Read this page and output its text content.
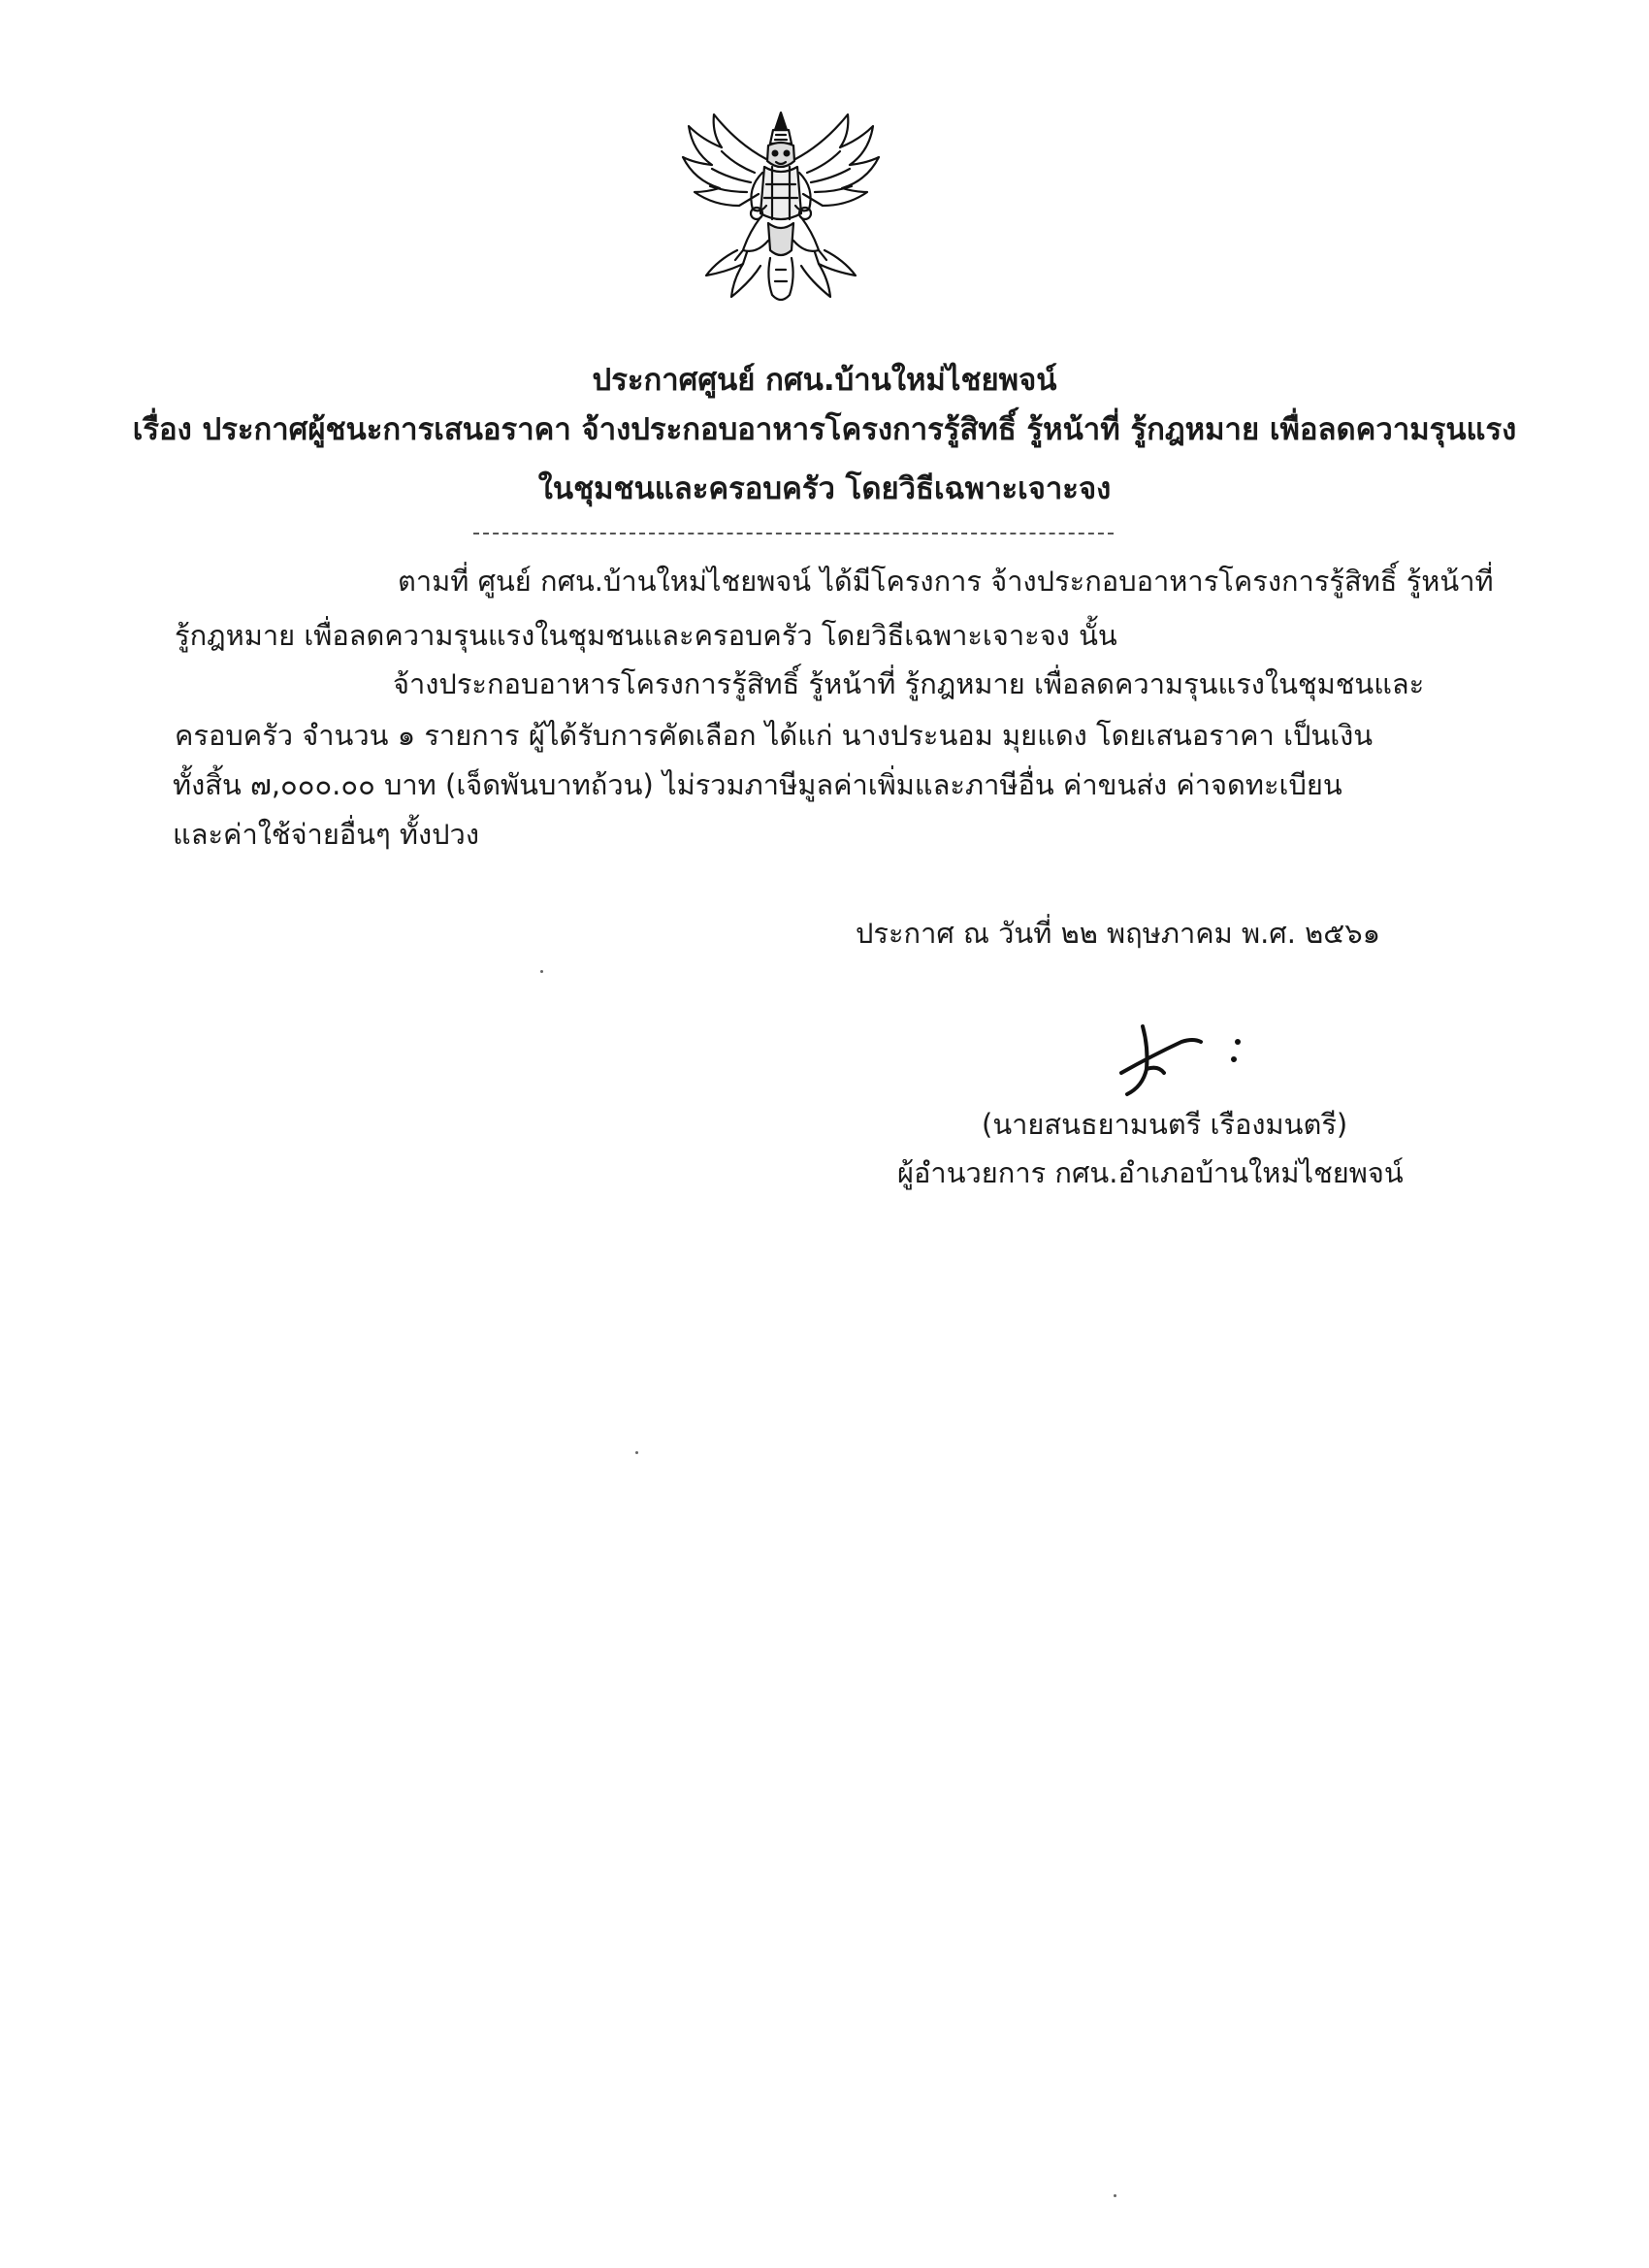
ประกาศศูนย์ กศน.บ้านใหม่ไชยพจน์
เรื่อง ประกาศผู้ชนะการเสนอราคา จ้างประกอบอาหารโครงการรู้สิทธิ์ รู้หน้าที่ รู้กฎหมาย เพื่อลดความรุนแรง
ในชุมชนและครอบครัว โดยวิธีเฉพาะเจาะจง
ตามที่ ศูนย์ กศน.บ้านใหม่ไชยพจน์ ได้มีโครงการ จ้างประกอบอาหารโครงการรู้สิทธิ์ รู้หน้าที่
รู้กฎหมาย เพื่อลดความรุนแรงในชุมชนและครอบครัว โดยวิธีเฉพาะเจาะจง นั้น
จ้างประกอบอาหารโครงการรู้สิทธิ์ รู้หน้าที่ รู้กฎหมาย เพื่อลดความรุนแรงในชุมชนและ
ครอบครัว จำนวน ๑ รายการ ผู้ได้รับการคัดเลือก ได้แก่ นางประนอม มุยแดง โดยเสนอราคา เป็นเงิน
ทั้งสิ้น ๗,๐๐๐.๐๐ บาท (เจ็ดพันบาทถ้วน) ไม่รวมภาษีมูลค่าเพิ่มและภาษีอื่น ค่าขนส่ง ค่าจดทะเบียน
และค่าใช้จ่ายอื่นๆ ทั้งปวง
ประกาศ ณ วันที่ ๒๒ พฤษภาคม พ.ศ. ๒๕๖๑
(นายสนธยามนตรี เรืองมนตรี)
ผู้อำนวยการ กศน.อำเภอบ้านใหม่ไชยพจน์
